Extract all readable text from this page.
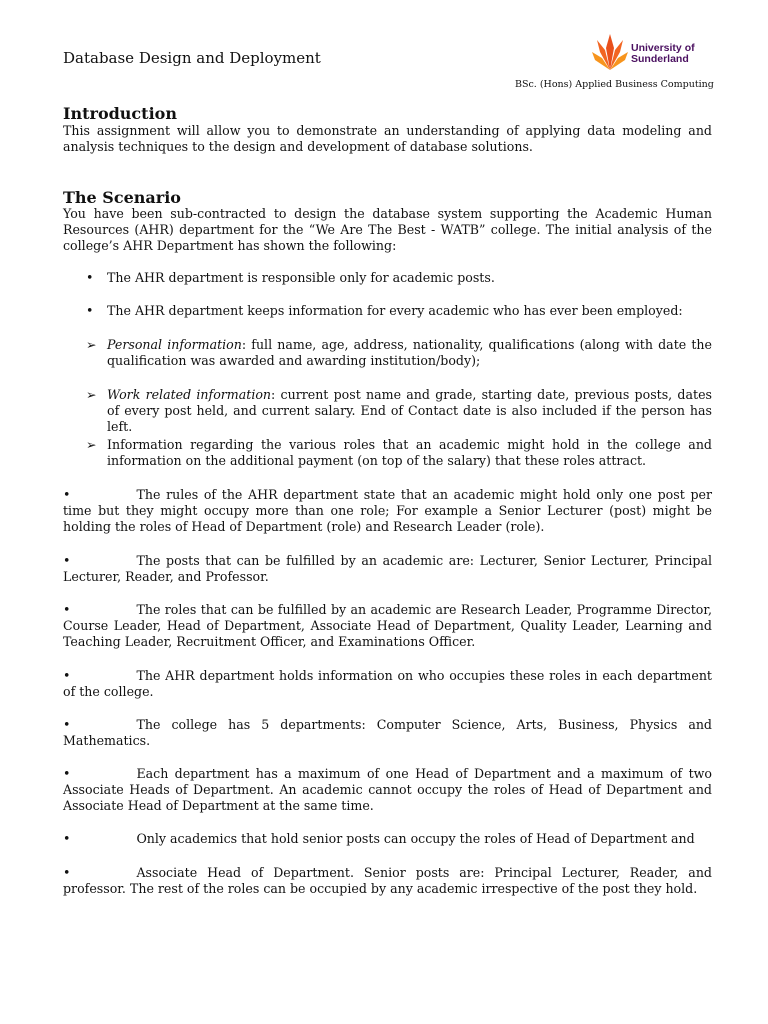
Database Design and Deployment
University of
Sunderland
BSc. (Hons) Applied Business Computing
Introduction
This assignment will allow you to demonstrate an understanding of applying data modeling and analysis techniques to the design and development of database solutions.
The Scenario
You have been sub-contracted to design the database system supporting the Academic Human Resources (AHR) department for the “We Are The Best - WATB” college. The initial analysis of the college’s AHR Department has shown the following:
• The AHR department is responsible only for academic posts.
• The AHR department keeps information for every academic who has ever been employed:
➢ Personal information: full name, age, address, nationality, qualifications (along with date the qualification was awarded and awarding institution/body);
➢ Work related information: current post name and grade, starting date, previous posts, dates of every post held, and current salary. End of Contact date is also included if the person has left.
➢ Information regarding the various roles that an academic might hold in the college and information on the additional payment (on top of the salary) that these roles attract.
•	The rules of the AHR department state that an academic might hold only one post per time but they might occupy more than one role; For example a Senior Lecturer (post) might be holding the roles of Head of Department (role) and Research Leader (role).
•	The posts that can be fulfilled by an academic are: Lecturer, Senior Lecturer, Principal Lecturer, Reader, and Professor.
•	The roles that can be fulfilled by an academic are Research Leader, Programme Director, Course Leader, Head of Department, Associate Head of Department, Quality Leader, Learning and Teaching Leader, Recruitment Officer, and Examinations Officer.
•	The AHR department holds information on who occupies these roles in each department of the college.
•	The college has 5 departments: Computer Science, Arts, Business, Physics and Mathematics.
•	Each department has a maximum of one Head of Department and a maximum of two Associate Heads of Department. An academic cannot occupy the roles of Head of Department and Associate Head of Department at the same time.
•	Only academics that hold senior posts can occupy the roles of Head of Department and
•	Associate Head of Department. Senior posts are: Principal Lecturer, Reader, and professor. The rest of the roles can be occupied by any academic irrespective of the post they hold.
